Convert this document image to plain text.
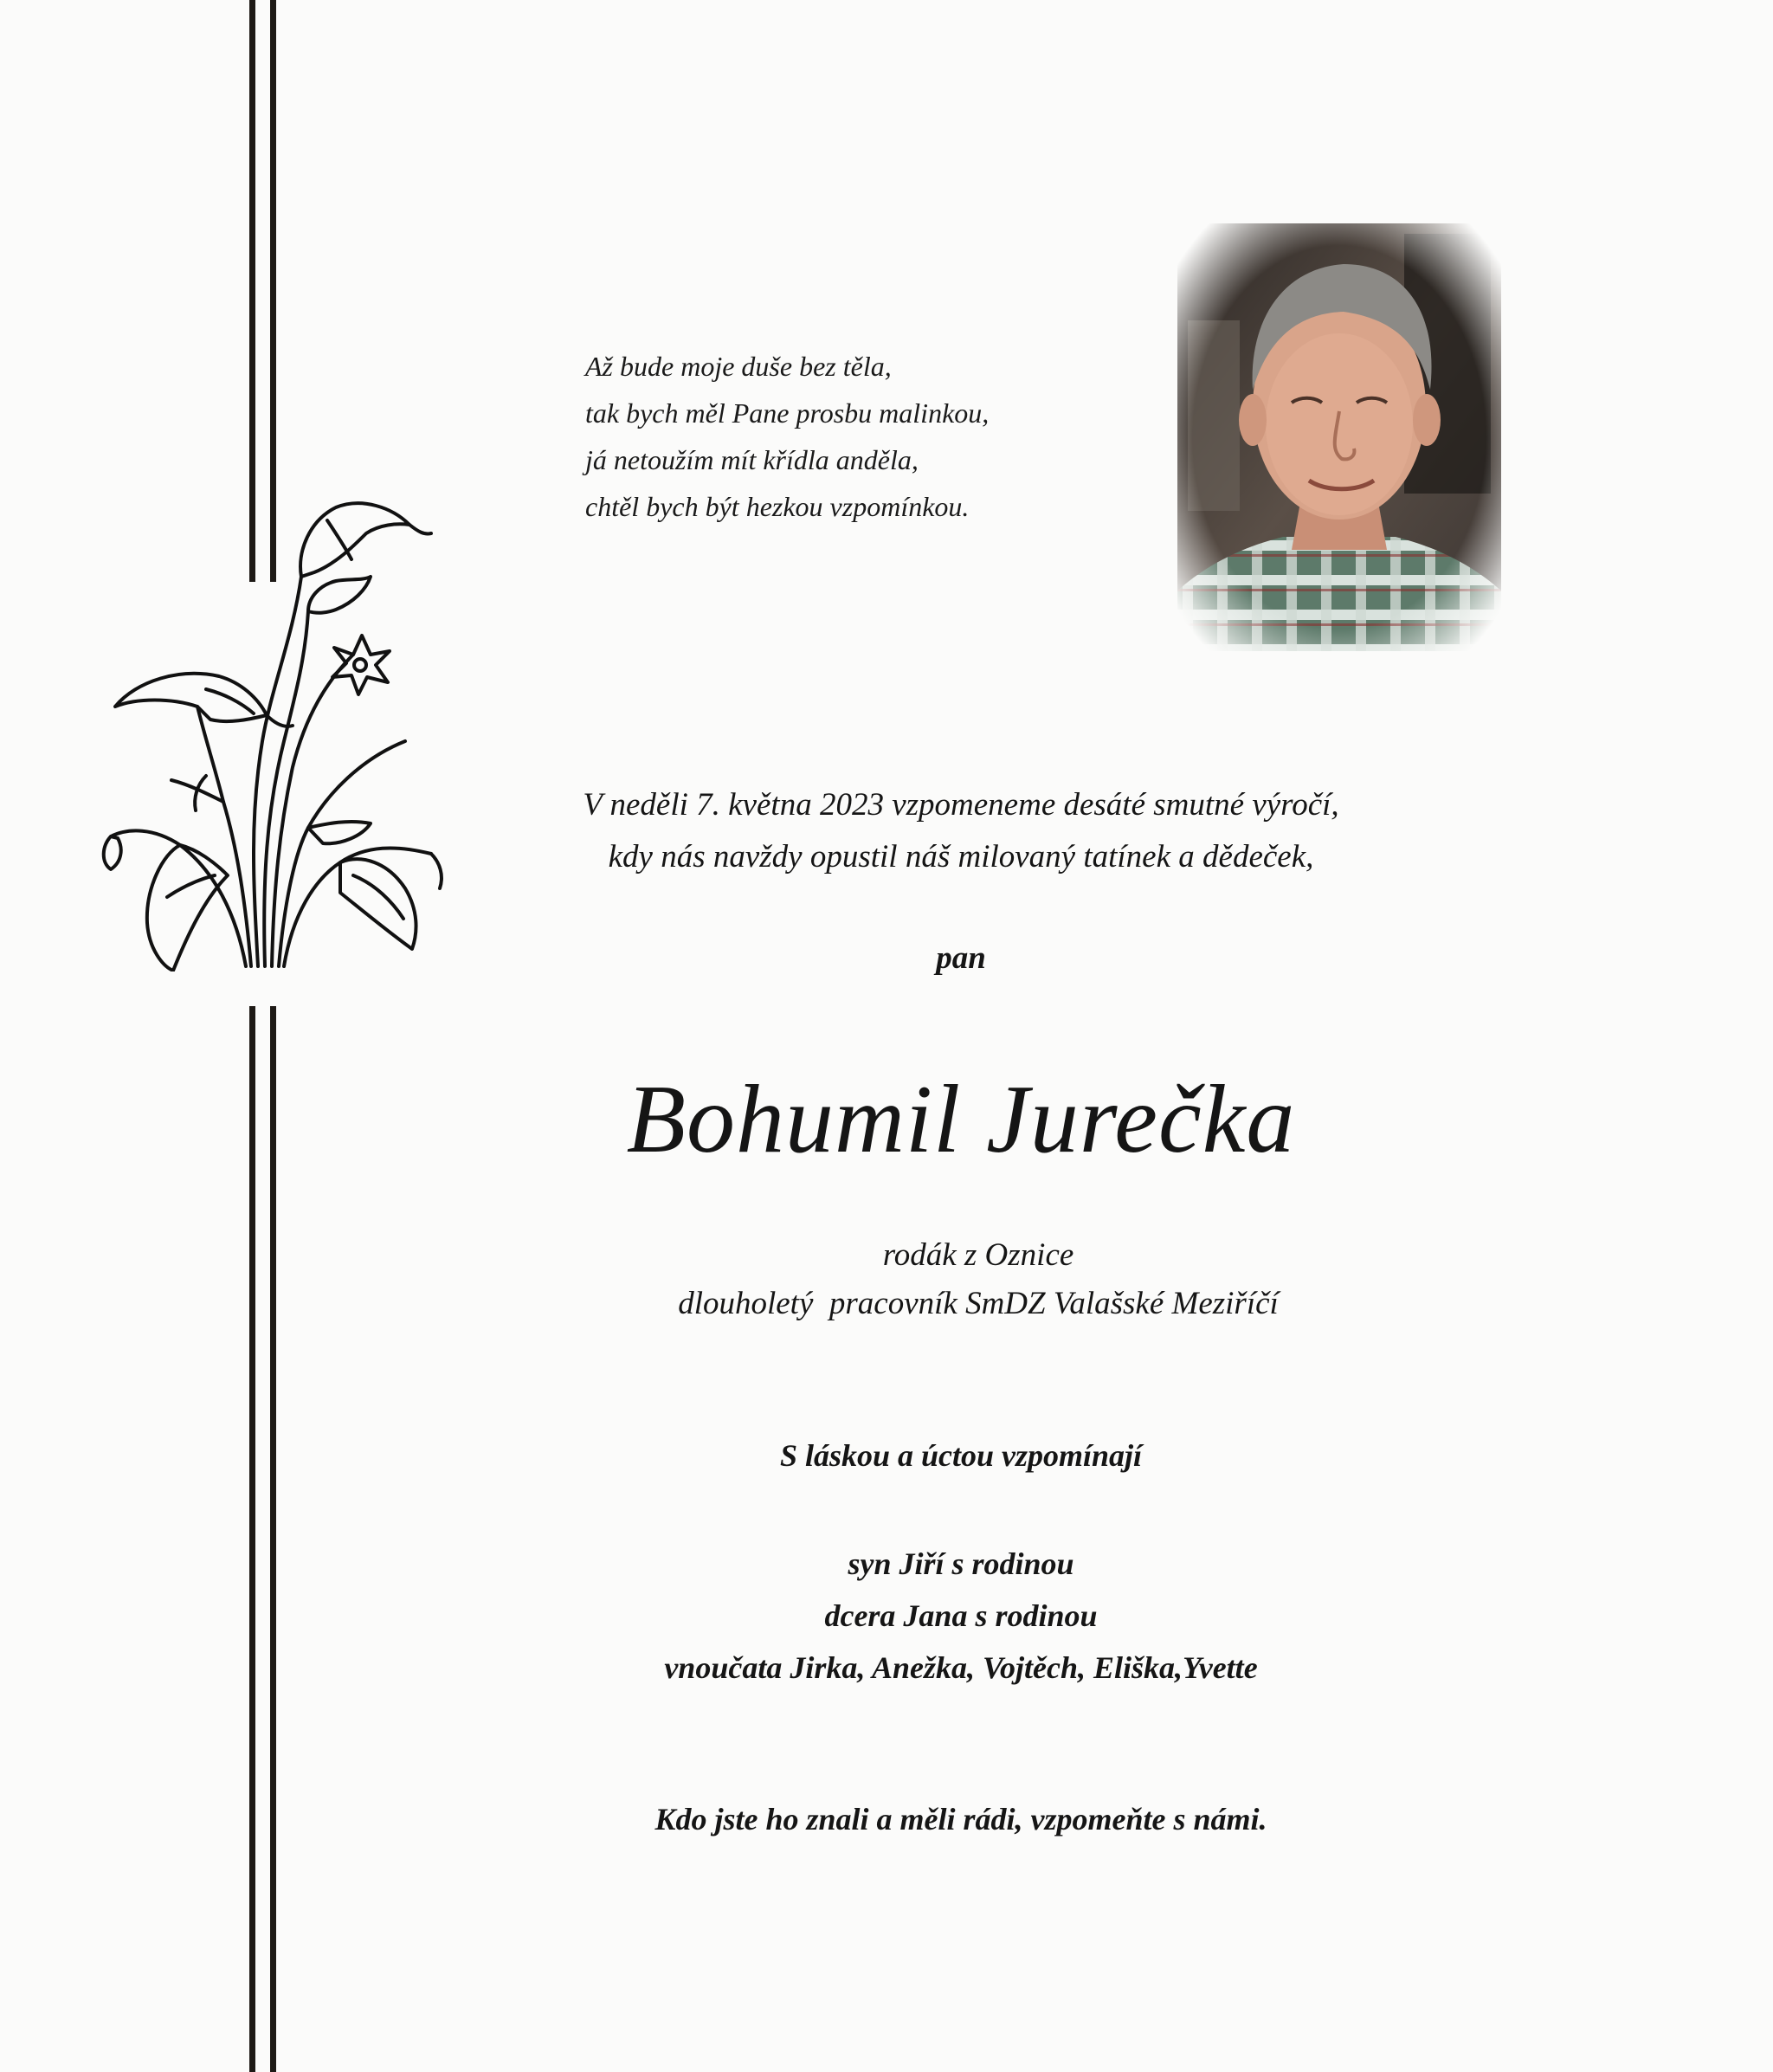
Až bude moje duše bez těla,
tak bych měl Pane prosbu malinkou,
já netoužím mít křídla anděla,
chtěl bych být hezkou vzpomínkou.
V neděli 7. května 2023 vzpomeneme desáté smutné výročí,
kdy nás navždy opustil náš milovaný tatínek a dědeček,
pan
Bohumil Jurečka
rodák z Oznice
dlouholetý  pracovník SmDZ Valašské Meziříčí
S láskou a úctou vzpomínají
syn Jiří s rodinou
dcera Jana s rodinou
vnoučata Jirka, Anežka, Vojtěch, Eliška,Yvette
Kdo jste ho znali a měli rádi, vzpomeňte s námi.
